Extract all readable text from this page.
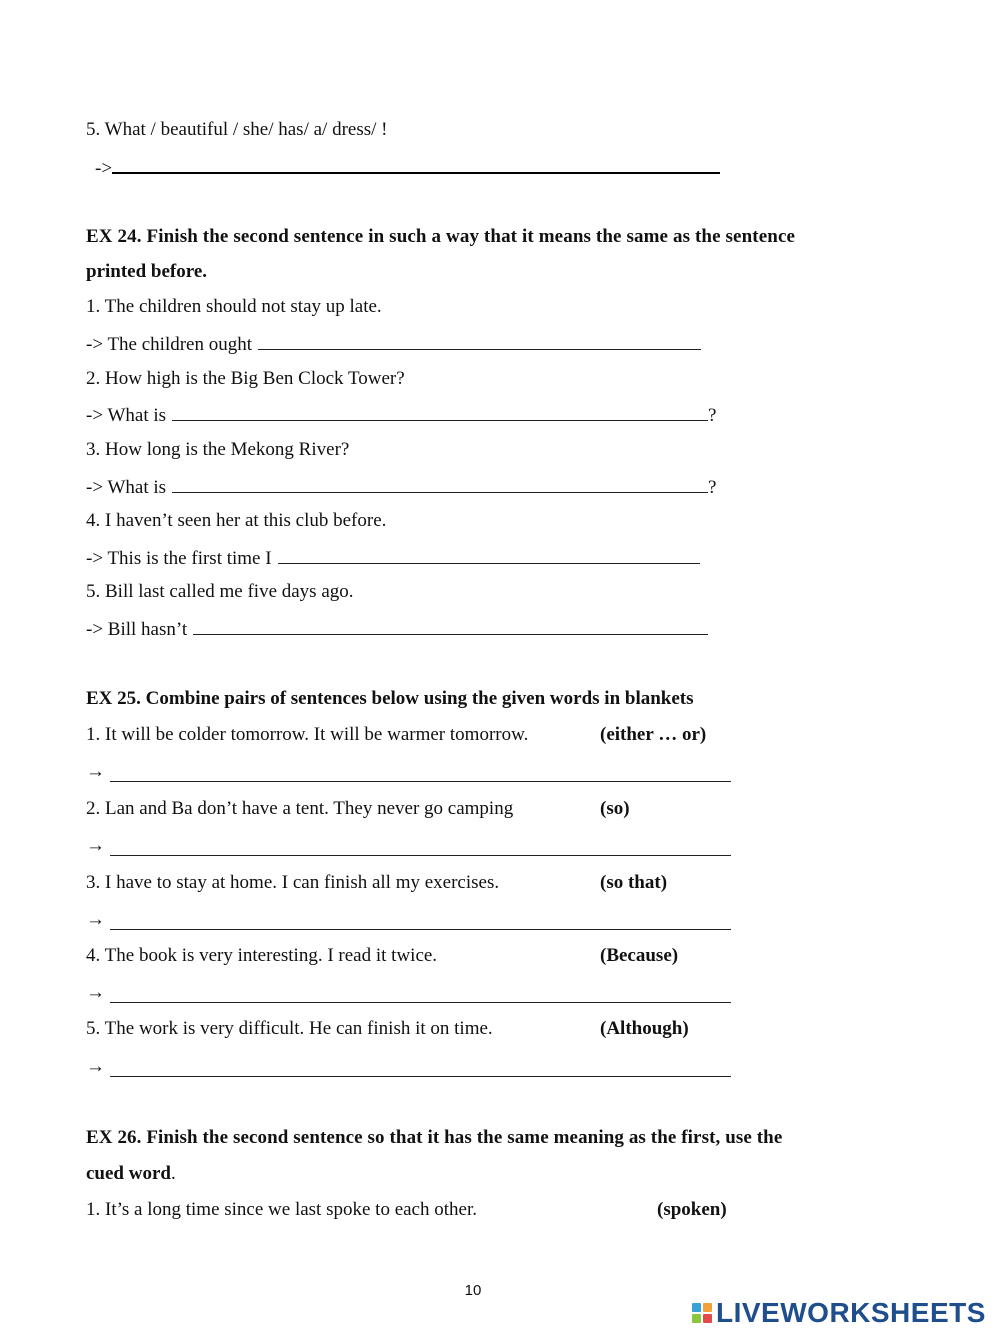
5. What / beautiful / she/ has/ a/ dress/ !
->
EX 24. Finish the second sentence in such a way that it means the same as the sentence
printed before.
1. The children should not stay up late.
-> The children ought
2. How high is the Big Ben Clock Tower?
-> What is	?
3. How long is the Mekong River?
-> What is	?
4. I haven’t seen her at this club before.
-> This is the first time I
5. Bill last called me five days ago.
-> Bill hasn’t
EX 25. Combine pairs of sentences below using the given words in blankets
1. It will be colder tomorrow. It will be warmer tomorrow.	(either … or)
→
2. Lan and Ba don’t have a tent. They never go camping	(so)
→
3. I have to stay at home. I can finish all my exercises.	(so that)
→
4. The book is very interesting. I read it twice.	(Because)
→
5. The work is very difficult. He can finish it on time.	(Although)
→
EX 26. Finish the second sentence so that it has the same meaning as the first, use the
cued word.
1. It’s a long time since we last spoke to each other.	(spoken)
10
LIVEWORKSHEETS
